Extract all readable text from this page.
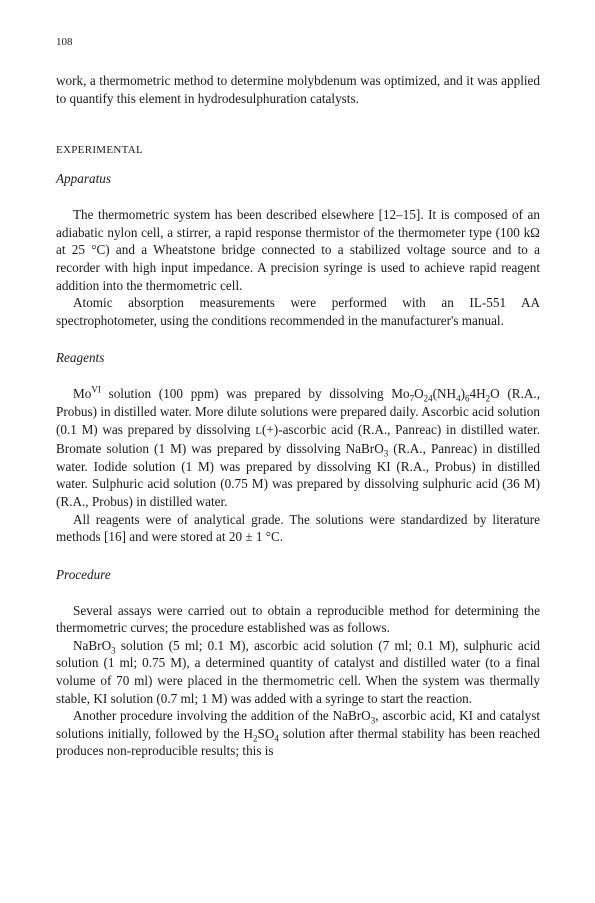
108

work, a thermometric method to determine molybdenum was optimized, and it was applied to quantify this element in hydrodesulphuration catalysts.

EXPERIMENTAL
Apparatus

The thermometric system has been described elsewhere [12–15]. It is composed of an adiabatic nylon cell, a stirrer, a rapid response thermistor of the thermometer type (100 kΩ at 25 °C) and a Wheatstone bridge connected to a stabilized voltage source and to a recorder with high input impedance. A precision syringe is used to achieve rapid reagent addition into the thermometric cell.

Atomic absorption measurements were performed with an IL-551 AA spectrophotometer, using the conditions recommended in the manufacturer's manual.

Reagents

$Mo^{VI}$ solution (100 ppm) was prepared by dissolving $Mo_7O_{24}(NH_4)_64H_2O$ (R.A., Probus) in distilled water. More dilute solutions were prepared daily. Ascorbic acid solution (0.1 M) was prepared by dissolving L(+)-ascorbic acid (R.A., Panreac) in distilled water. Bromate solution (1 M) was prepared by dissolving NaBrO$_3$ (R.A., Panreac) in distilled water. Iodide solution (1 M) was prepared by dissolving KI (R.A., Probus) in distilled water. Sulphuric acid solution (0.75 M) was prepared by dissolving sulphuric acid (36 M) (R.A., Probus) in distilled water.

All reagents were of analytical grade. The solutions were standardized by literature methods [16] and were stored at 20 ± 1 °C.

Procedure

Several assays were carried out to obtain a reproducible method for determining the thermometric curves; the procedure established was as follows.

NaBrO$_3$ solution (5 ml; 0.1 M), ascorbic acid solution (7 ml; 0.1 M), sulphuric acid solution (1 ml; 0.75 M), a determined quantity of catalyst and distilled water (to a final volume of 70 ml) were placed in the thermometric cell. When the system was thermally stable, KI solution (0.7 ml; 1 M) was added with a syringe to start the reaction.

Another procedure involving the addition of the NaBrO$_3$, ascorbic acid, KI and catalyst solutions initially, followed by the $H_2SO_4$ solution after thermal stability has been reached produces non-reproducible results; this is
